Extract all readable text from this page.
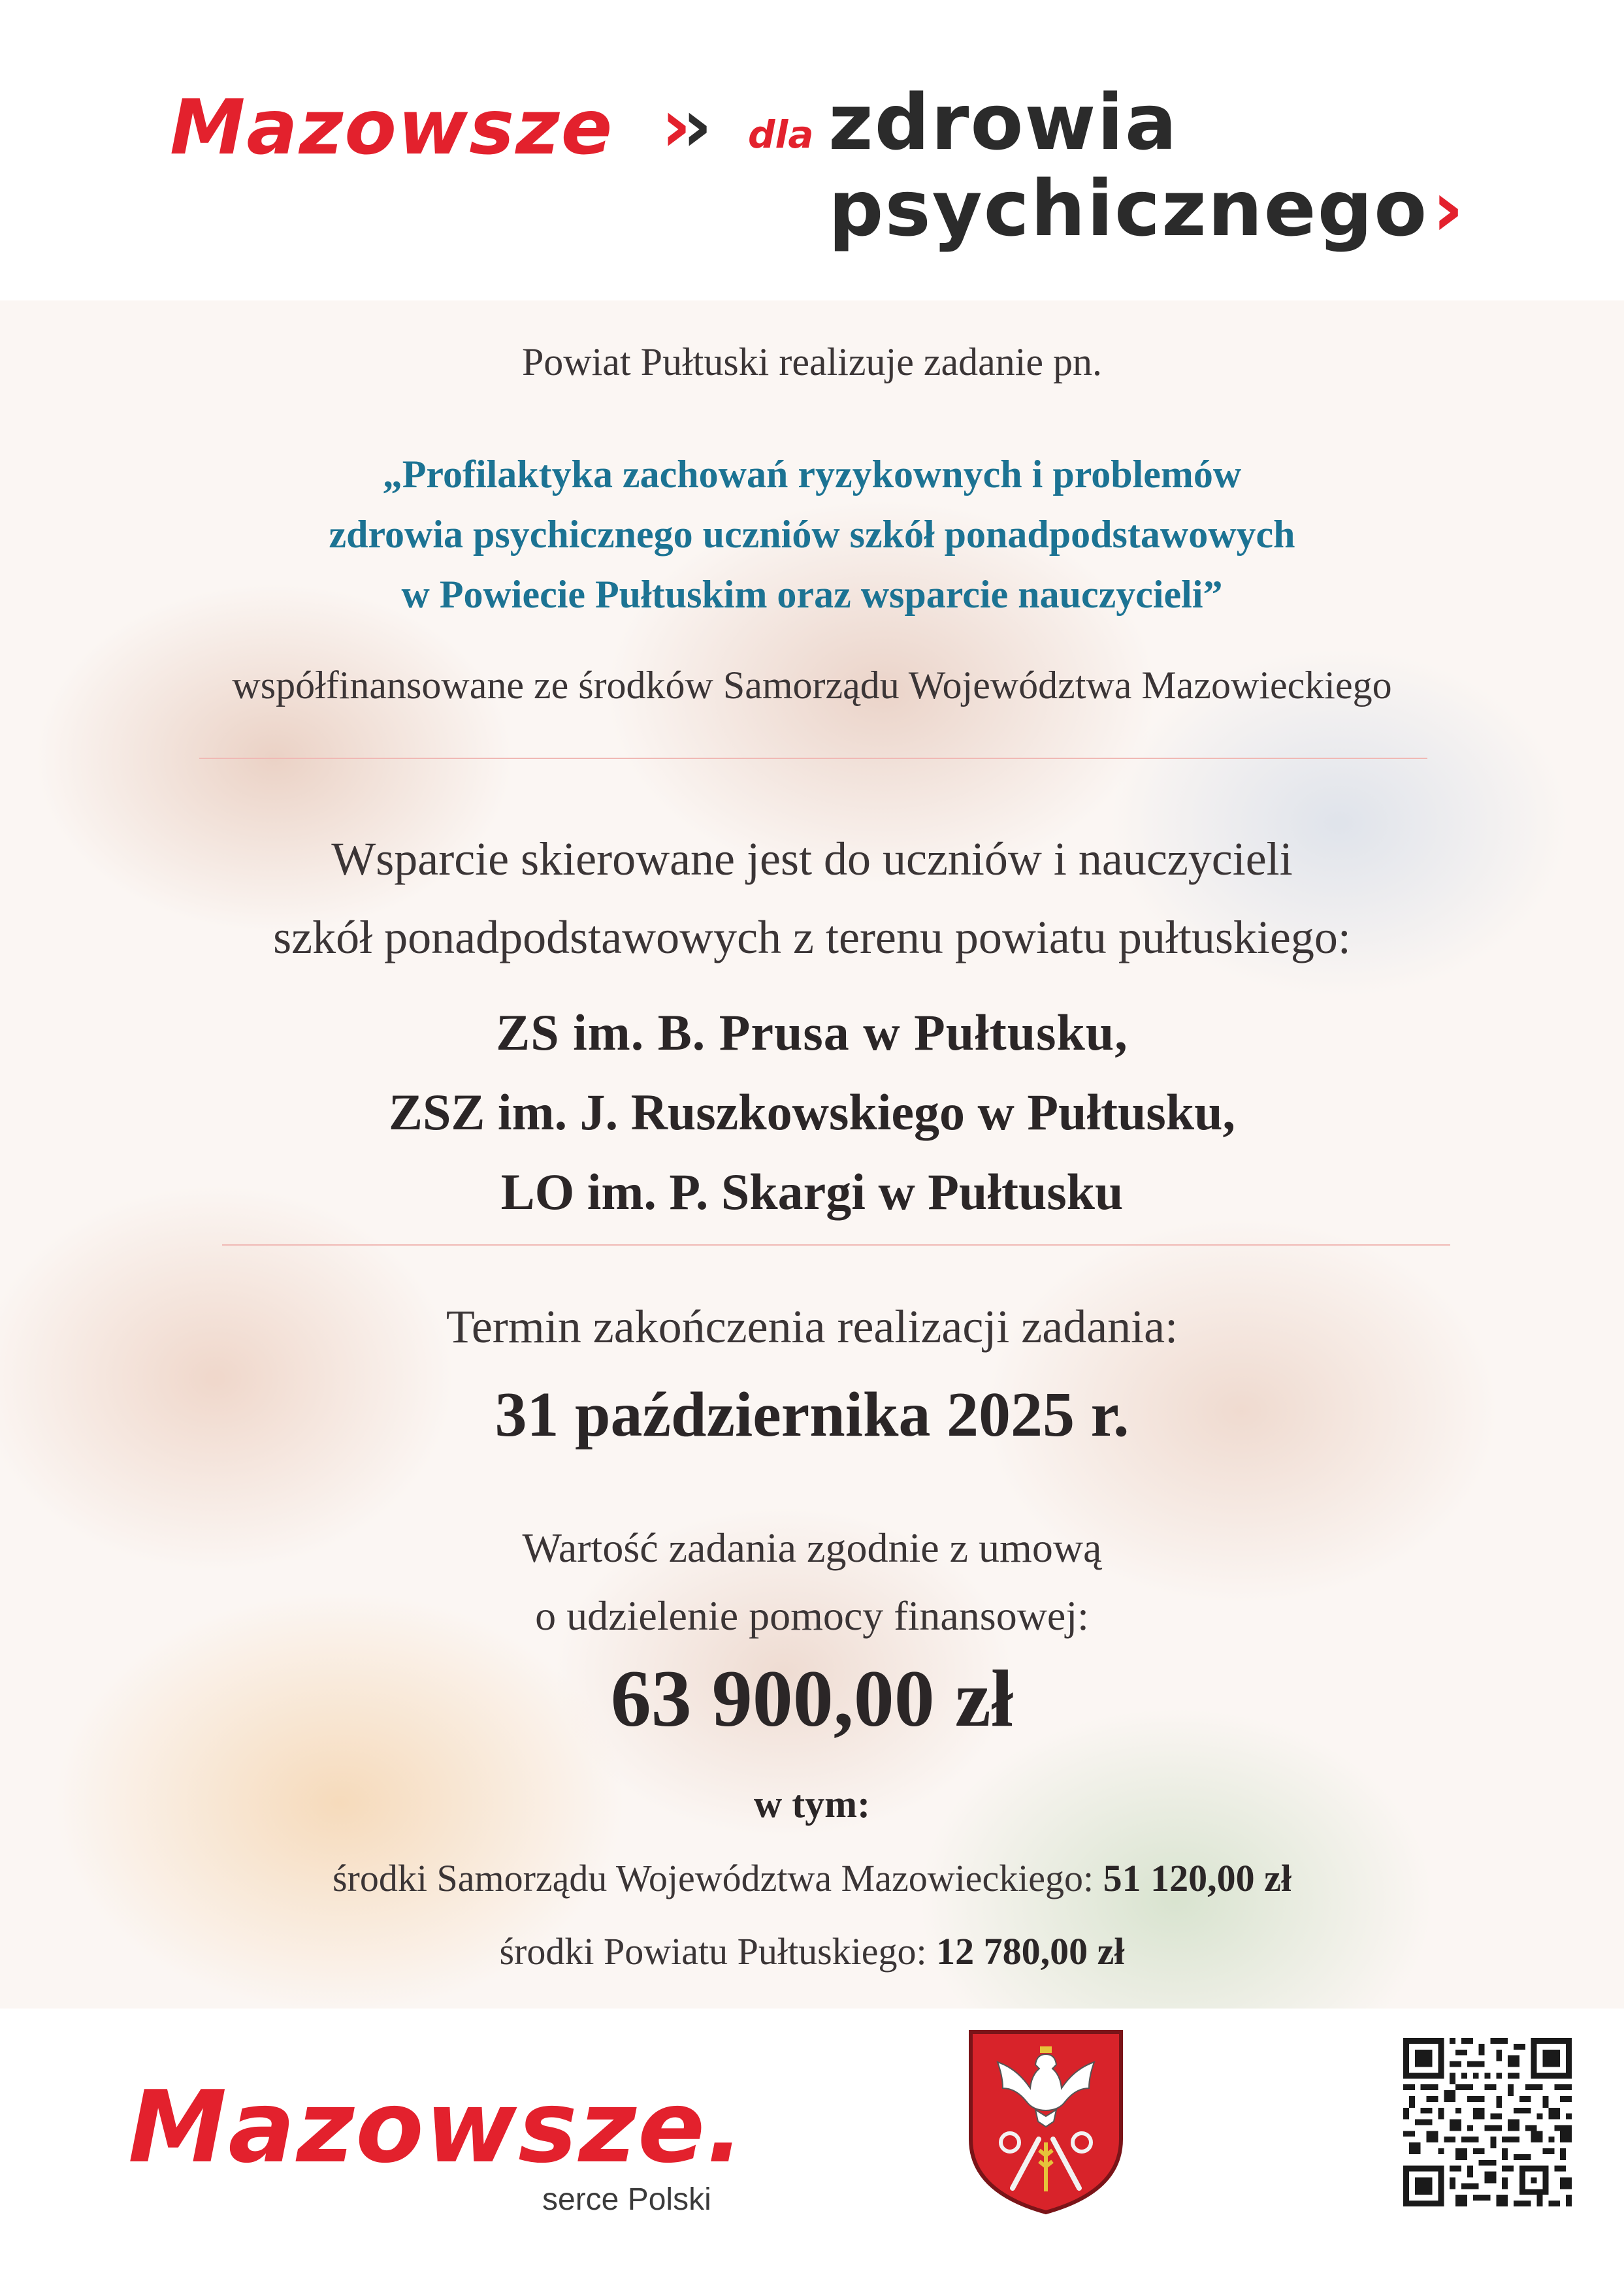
Mazowsze ›› dla zdrowia
psychicznego›
Powiat Pułtuski realizuje zadanie pn.
„Profilaktyka zachowań ryzykownych i problemów
zdrowia psychicznego uczniów szkół ponadpodstawowych
w Powiecie Pułtuskim oraz wsparcie nauczycieli”
współfinansowane ze środków Samorządu Województwa Mazowieckiego
Wsparcie skierowane jest do uczniów i nauczycieli
szkół ponadpodstawowych z terenu powiatu pułtuskiego:
ZS im. B. Prusa w Pułtusku,
ZSZ im. J. Ruszkowskiego w Pułtusku,
LO im. P. Skargi w Pułtusku
Termin zakończenia realizacji zadania:
31 października 2025 r.
Wartość zadania zgodnie z umową
o udzielenie pomocy finansowej:
63 900,00 zł
w tym:
środki Samorządu Województwa Mazowieckiego: 51 120,00 zł
środki Powiatu Pułtuskiego: 12 780,00 zł
Mazowsze.
serce Polski
